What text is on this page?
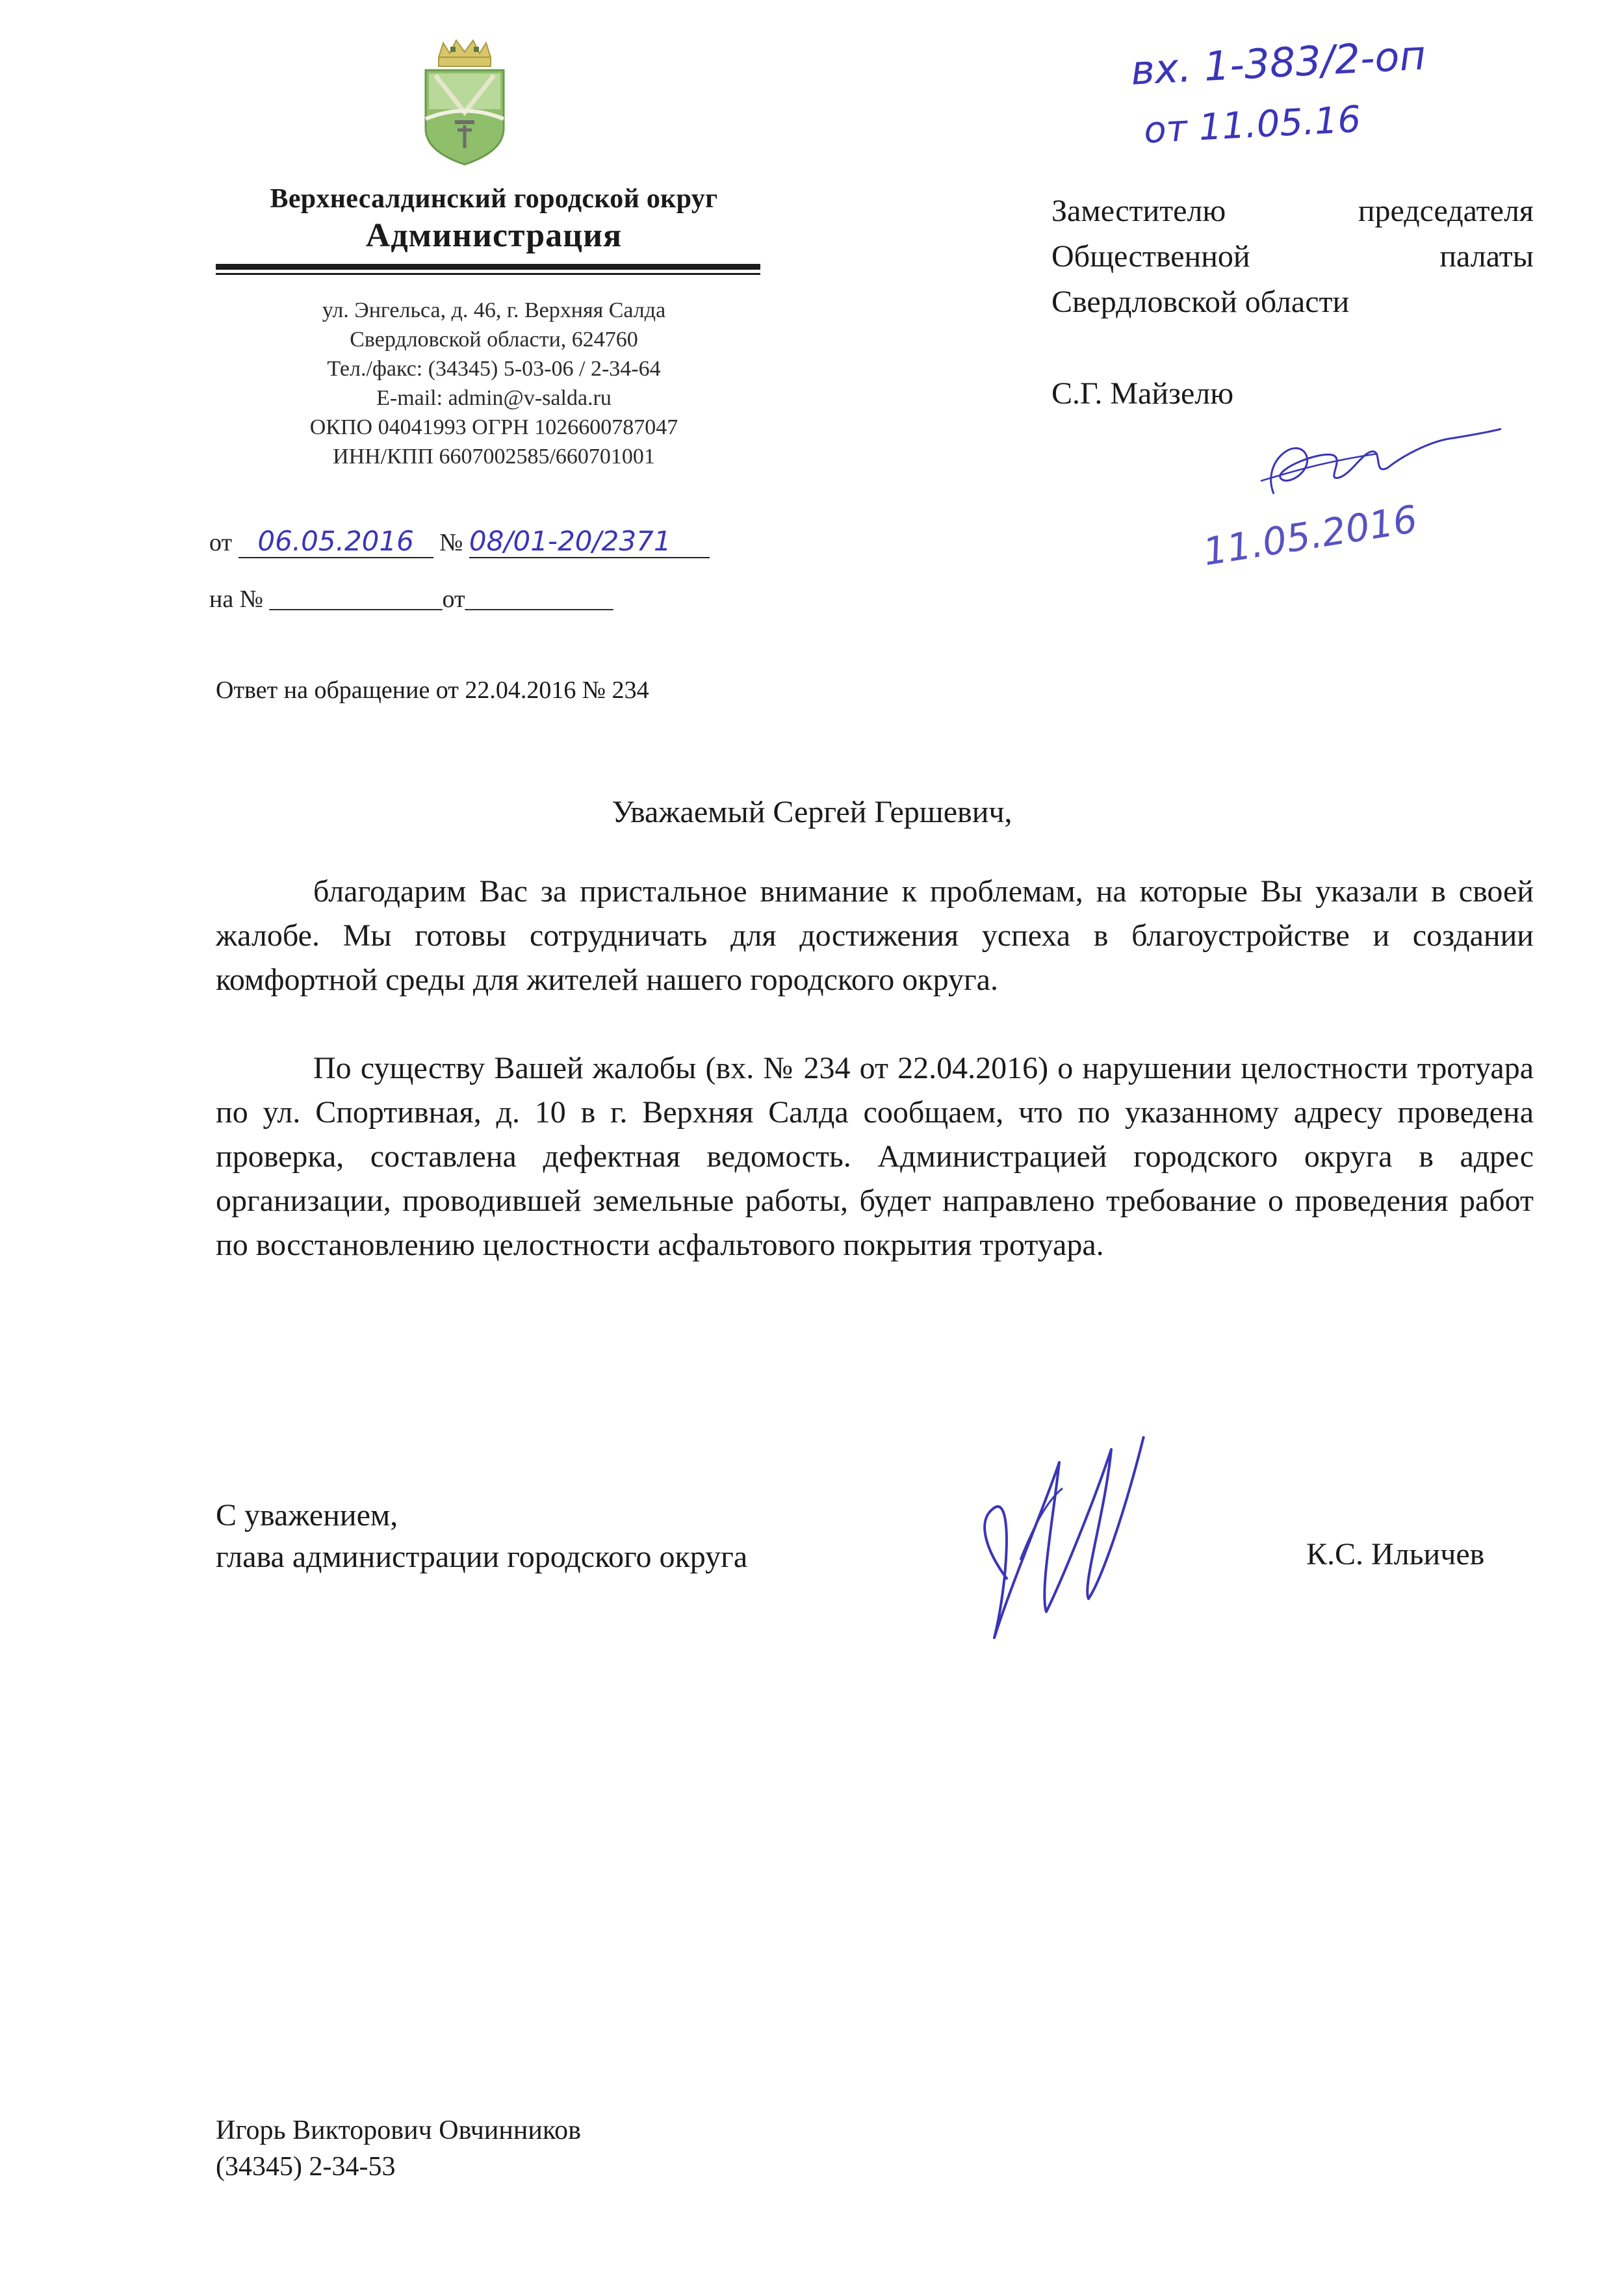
Верхнесалдинский городской округ
Администрация
ул. Энгельса, д. 46, г. Верхняя Салда
Свердловской области, 624760
Тел./факс: (34345) 5-03-06 / 2-34-64
E-mail: admin@v-salda.ru
ОКПО 04041993 ОГРН 1026600787047
ИНН/КПП 6607002585/660701001
от 06.05.2016 № 08/01-20/2371
на № ______________от____________
вх. 1-383/2-оп
от 11.05.16
Заместителю председателя
Общественной палаты
Свердловской области
С.Г. Майзелю
11.05.2016
Ответ на обращение от 22.04.2016 № 234
Уважаемый Сергей Гершевич,

благодарим Вас за пристальное внимание к проблемам, на которые Вы указали в своей жалобе. Мы готовы сотрудничать для достижения успеха в благоустройстве и создании комфортной среды для жителей нашего городского округа.

По существу Вашей жалобы (вх. № 234 от 22.04.2016) о нарушении целостности тротуара по ул. Спортивная, д. 10 в г. Верхняя Салда сообщаем, что по указанному адресу проведена проверка, составлена дефектная ведомость. Администрацией городского округа в адрес организации, проводившей земельные работы, будет направлено требование о проведения работ по восстановлению целостности асфальтового покрытия тротуара.

С уважением,
глава администрации городского округа	К.С. Ильичев
Игорь Викторович Овчинников
(34345) 2-34-53
